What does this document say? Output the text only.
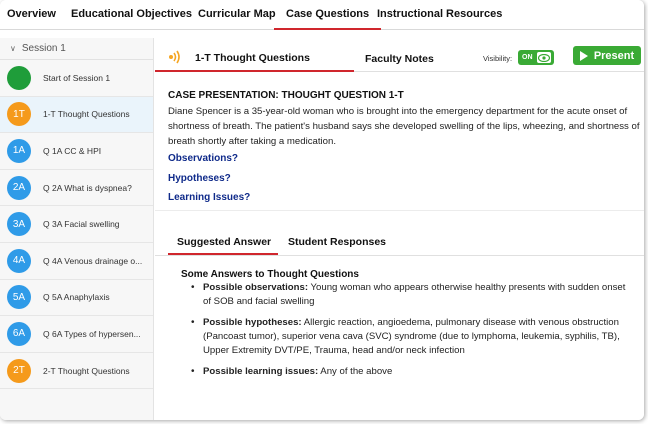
Overview Educational Objectives Curricular Map Case Questions Instructional Resources
∨ Session 1
Start of Session 1
1T	1-T Thought Questions
1A	Q 1A CC & HPI
2A	Q 2A What is dyspnea?
3A	Q 3A Facial swelling
4A	Q 4A Venous drainage o...
5A	Q 5A Anaphylaxis
6A	Q 6A Types of hypersen...
2T	2-T Thought Questions
1-T Thought Questions	Faculty Notes	Visibility: ON	Present
CASE PRESENTATION: THOUGHT QUESTION 1-T
Diane Spencer is a 35-year-old woman who is brought into the emergency department for the acute onset of
shortness of breath. The patient's husband says she developed swelling of the lips, wheezing, and shortness of
breath shortly after taking a medication.
Observations?
Hypotheses?
Learning Issues?
Suggested Answer Student Responses
Some Answers to Thought Questions
• Possible observations: Young woman who appears otherwise healthy presents with sudden onset
of SOB and facial swelling
• Possible hypotheses: Allergic reaction, angioedema, pulmonary disease with venous obstruction
(Pancoast tumor), superior vena cava (SVC) syndrome (due to lymphoma, leukemia, syphilis, TB),
Upper Extremity DVT/PE, Trauma, head and/or neck infection
• Possible learning issues: Any of the above
